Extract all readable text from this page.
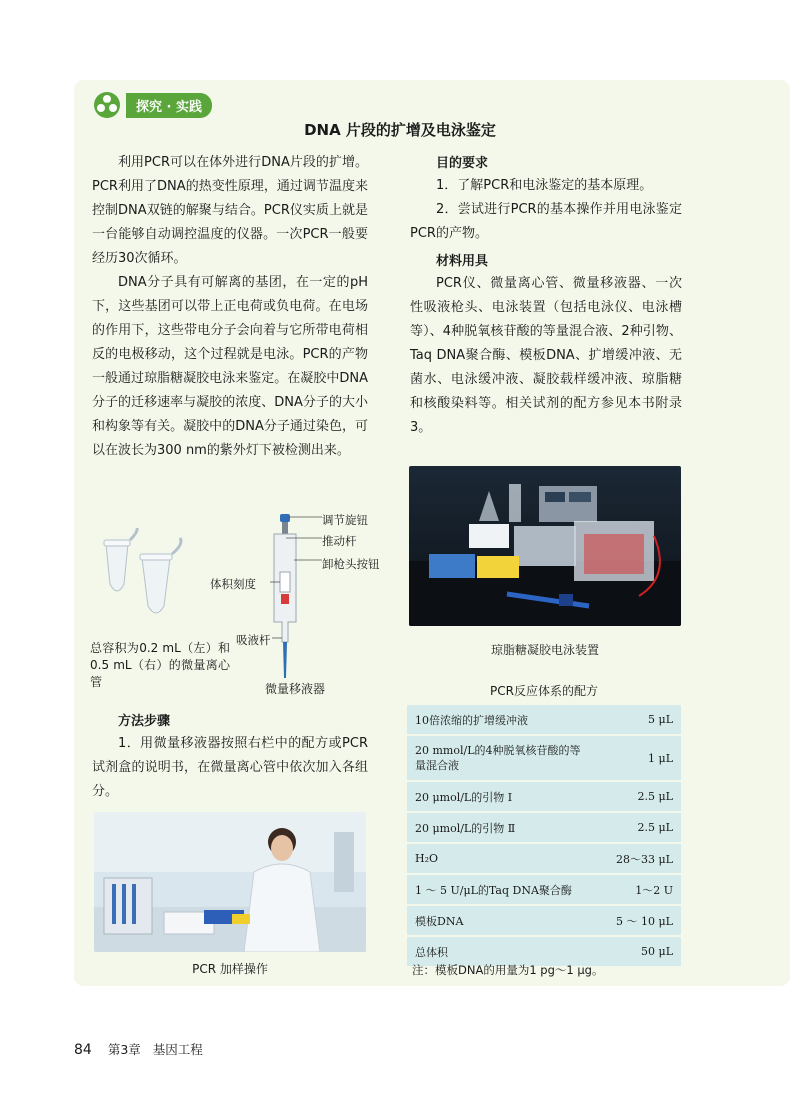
探究 · 实践
DNA 片段的扩增及电泳鉴定

利用PCR可以在体外进行DNA片段的扩增。PCR利用了DNA的热变性原理，通过调节温度来控制DNA双链的解聚与结合。PCR仪实质上就是一台能够自动调控温度的仪器。一次PCR一般要经历30次循环。

DNA分子具有可解离的基团，在一定的pH下，这些基团可以带上正电荷或负电荷。在电场的作用下，这些带电分子会向着与它所带电荷相反的电极移动，这个过程就是电泳。PCR的产物一般通过琼脂糖凝胶电泳来鉴定。在凝胶中DNA分子的迁移速率与凝胶的浓度、DNA分子的大小和构象等有关。凝胶中的DNA分子通过染色，可以在波长为300 nm的紫外灯下被检测出来。

目的要求

1．了解PCR和电泳鉴定的基本原理。

2．尝试进行PCR的基本操作并用电泳鉴定PCR的产物。

材料用具

PCR仪、微量离心管、微量移液器、一次性吸液枪头、电泳装置（包括电泳仪、电泳槽等）、4种脱氧核苷酸的等量混合液、2种引物、Taq DNA聚合酶、模板DNA、扩增缓冲液、无菌水、电泳缓冲液、凝胶载样缓冲液、琼脂糖和核酸染料等。相关试剂的配方参见本书附录3。

琼脂糖凝胶电泳装置
总容积为0.2 mL（左）和0.5 mL（右）的微量离心管
调节旋钮
推动杆
卸枪头按钮
体积刻度
吸液杆
微量移液器
方法步骤

1．用微量移液器按照右栏中的配方或PCR试剂盒的说明书，在微量离心管中依次加入各组分。

PCR 加样操作
PCR反应体系的配方
10倍浓缩的扩增缓冲液	5 μL
20 mmol/L的4种脱氧核苷酸的等量混合液	1 μL
20 μmol/L的引物 Ⅰ	2.5 μL
20 μmol/L的引物 Ⅱ	2.5 μL
H₂O	28～33 μL
1 ～ 5 U/μL的Taq DNA聚合酶	1～2 U
模板DNA	5 ～ 10 μL
总体积	50 μL
注：模板DNA的用量为1 pg～1 μg。
84 第3章 基因工程
